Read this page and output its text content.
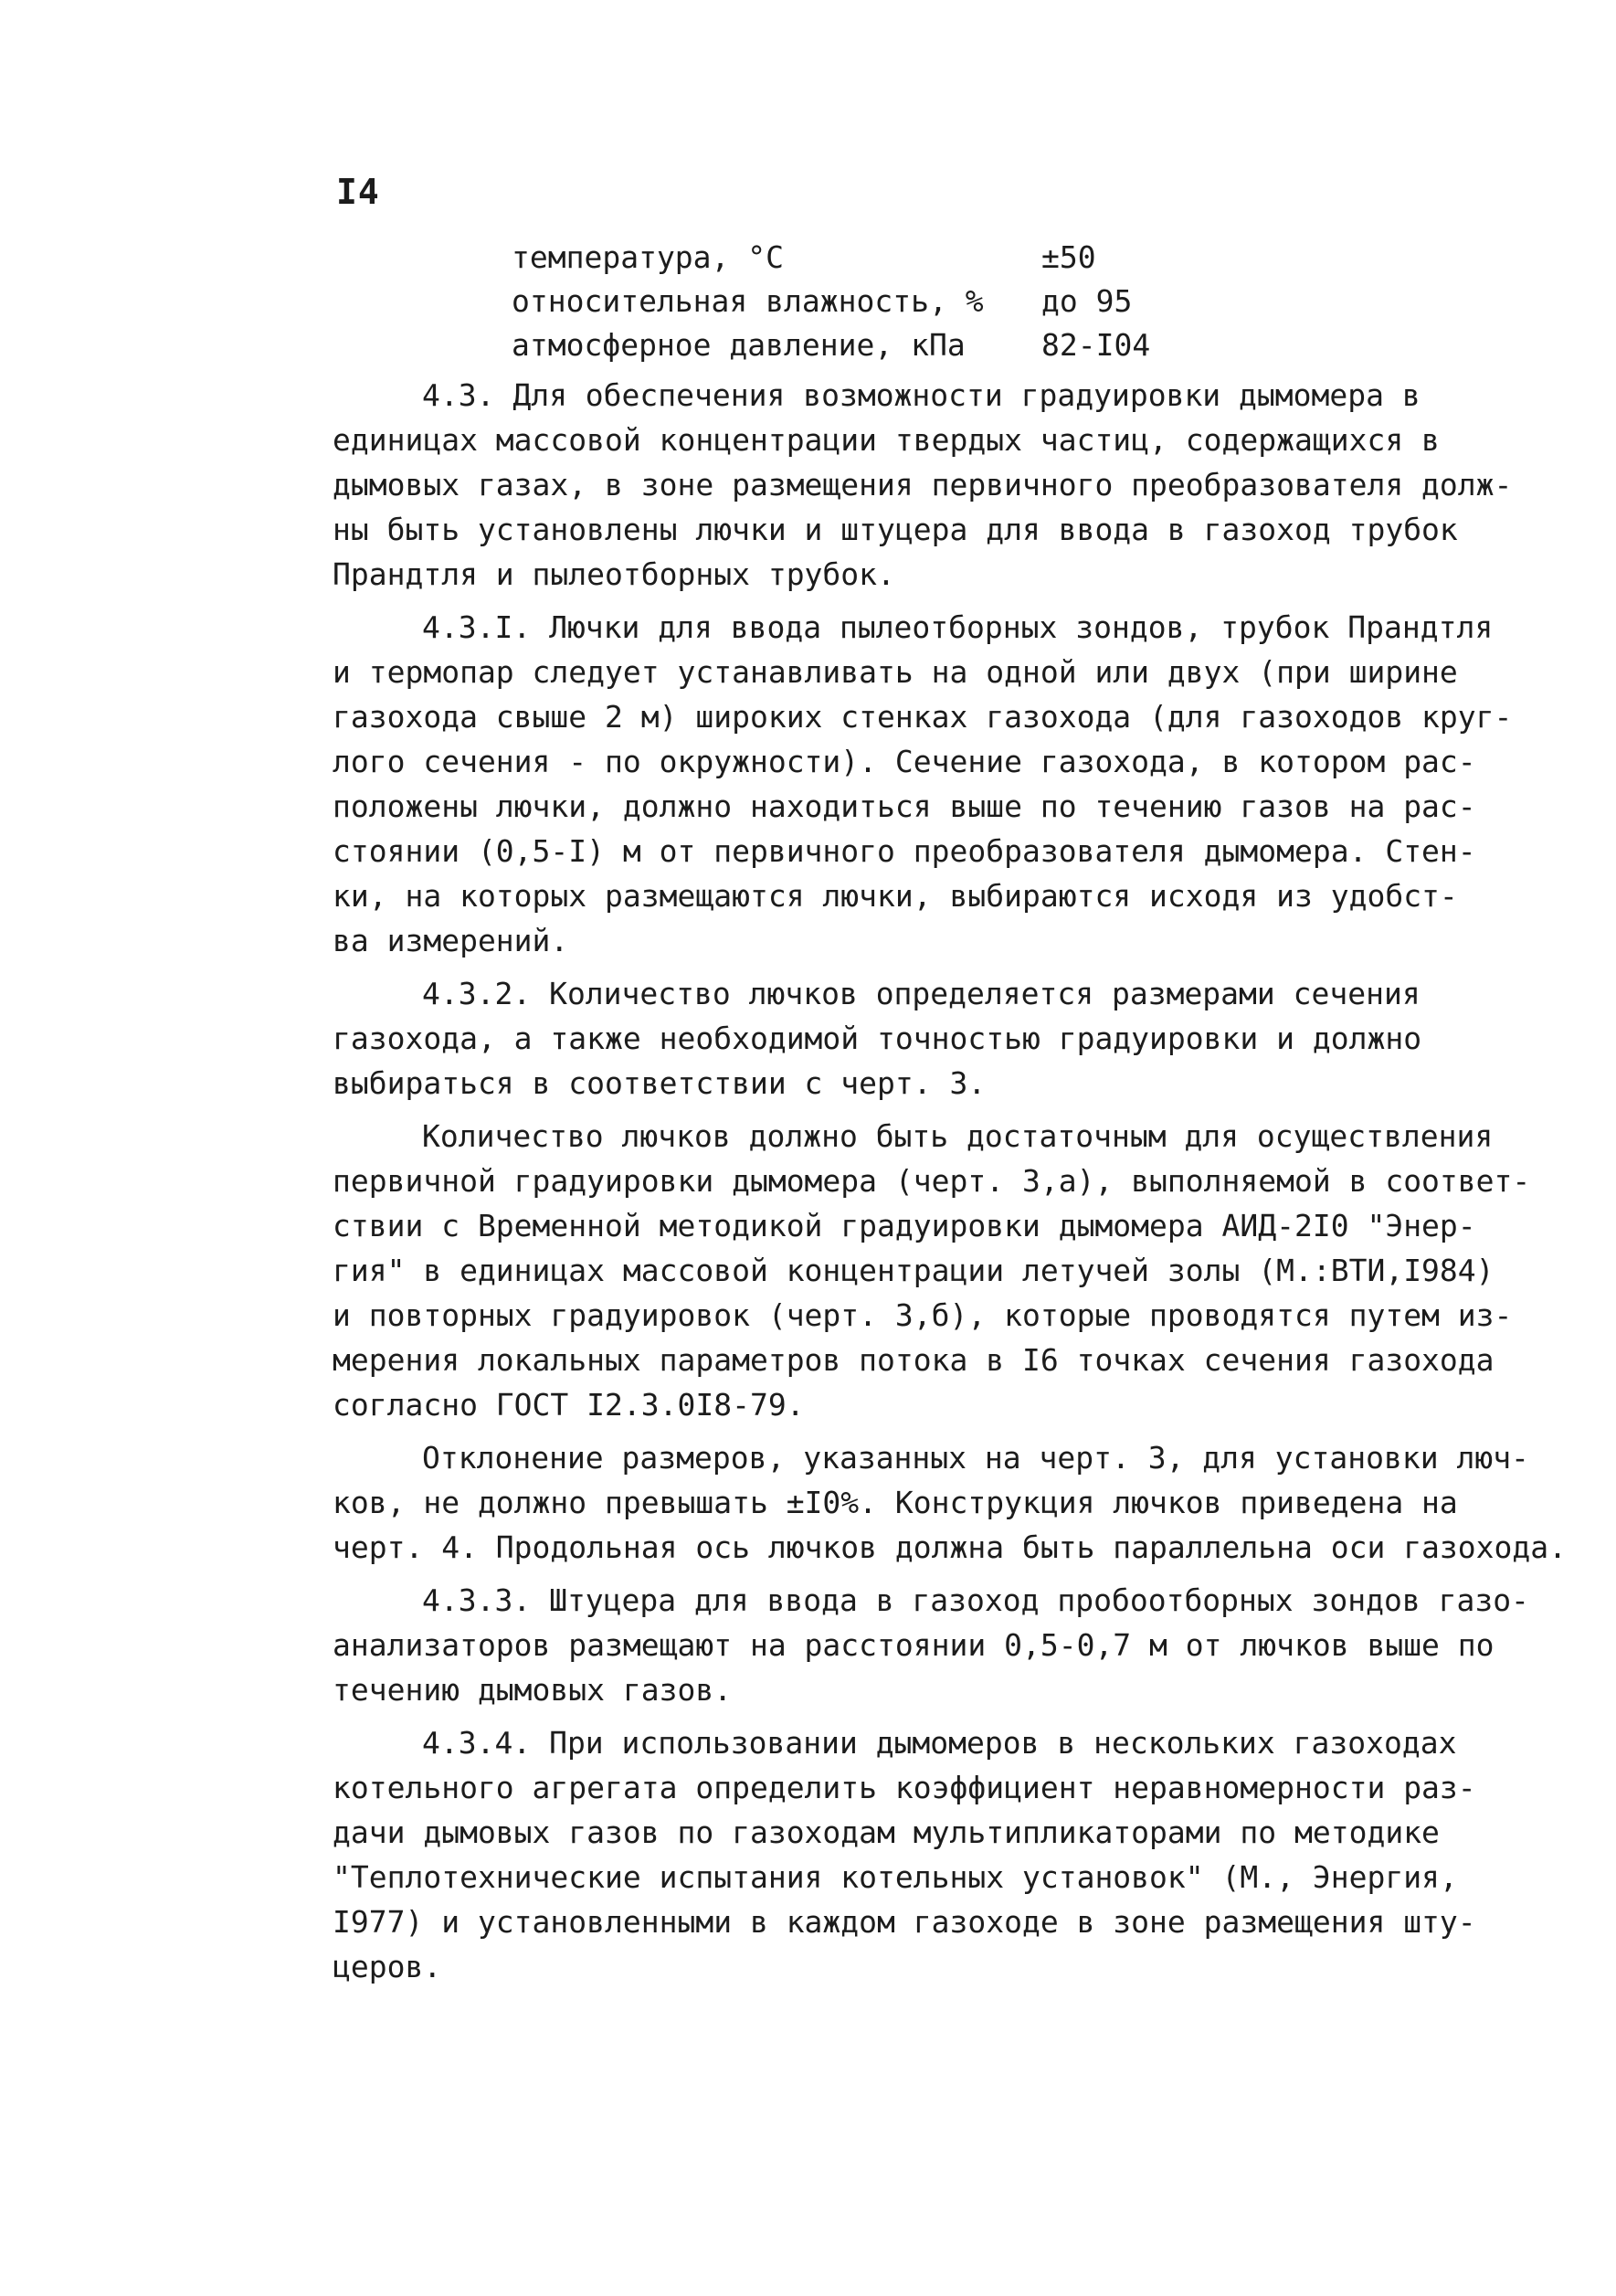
I4
температура, °С	±50
относительная влажность, % до 95
атмосферное давление, кПа	82-I04
4.3. Для обеспечения возможности градуировки дымомера в
единицах массовой концентрации твердых частиц, содержащихся в
дымовых газах, в зоне размещения первичного преобразователя долж-
ны быть установлены лючки и штуцера для ввода в газоход трубок
Прандтля и пылеотборных трубок.
4.3.I. Лючки для ввода пылеотборных зондов, трубок Прандтля
и термопар следует устанавливать на одной или двух (при ширине
газохода свыше 2 м) широких стенках газохода (для газоходов круг-
лого сечения - по окружности). Сечение газохода, в котором рас-
положены лючки, должно находиться выше по течению газов на рас-
стоянии (0,5-I) м от первичного преобразователя дымомера. Стен-
ки, на которых размещаются лючки, выбираются исходя из удобст-
ва измерений.
4.3.2. Количество лючков определяется размерами сечения
газохода, а также необходимой точностью градуировки и должно
выбираться в соответствии с черт. 3.
Количество лючков должно быть достаточным для осуществления
первичной градуировки дымомера (черт. 3,а), выполняемой в соответ-
ствии с Временной методикой градуировки дымомера АИД-2I0 "Энер-
гия" в единицах массовой концентрации летучей золы (М.:ВТИ,I984)
и повторных градуировок (черт. 3,б), которые проводятся путем из-
мерения локальных параметров потока в I6 точках сечения газохода
согласно ГОСТ I2.3.0I8-79.
Отклонение размеров, указанных на черт. 3, для установки люч-
ков, не должно превышать ±I0%. Конструкция лючков приведена на
черт. 4. Продольная ось лючков должна быть параллельна оси газохода.
4.3.3. Штуцера для ввода в газоход пробоотборных зондов газо-
анализаторов размещают на расстоянии 0,5-0,7 м от лючков выше по
течению дымовых газов.
4.3.4. При использовании дымомеров в нескольких газоходах
котельного агрегата определить коэффициент неравномерности раз-
дачи дымовых газов по газоходам мультипликаторами по методике
"Теплотехнические испытания котельных установок" (М., Энергия,
I977) и установленными в каждом газоходе в зоне размещения шту-
церов.
